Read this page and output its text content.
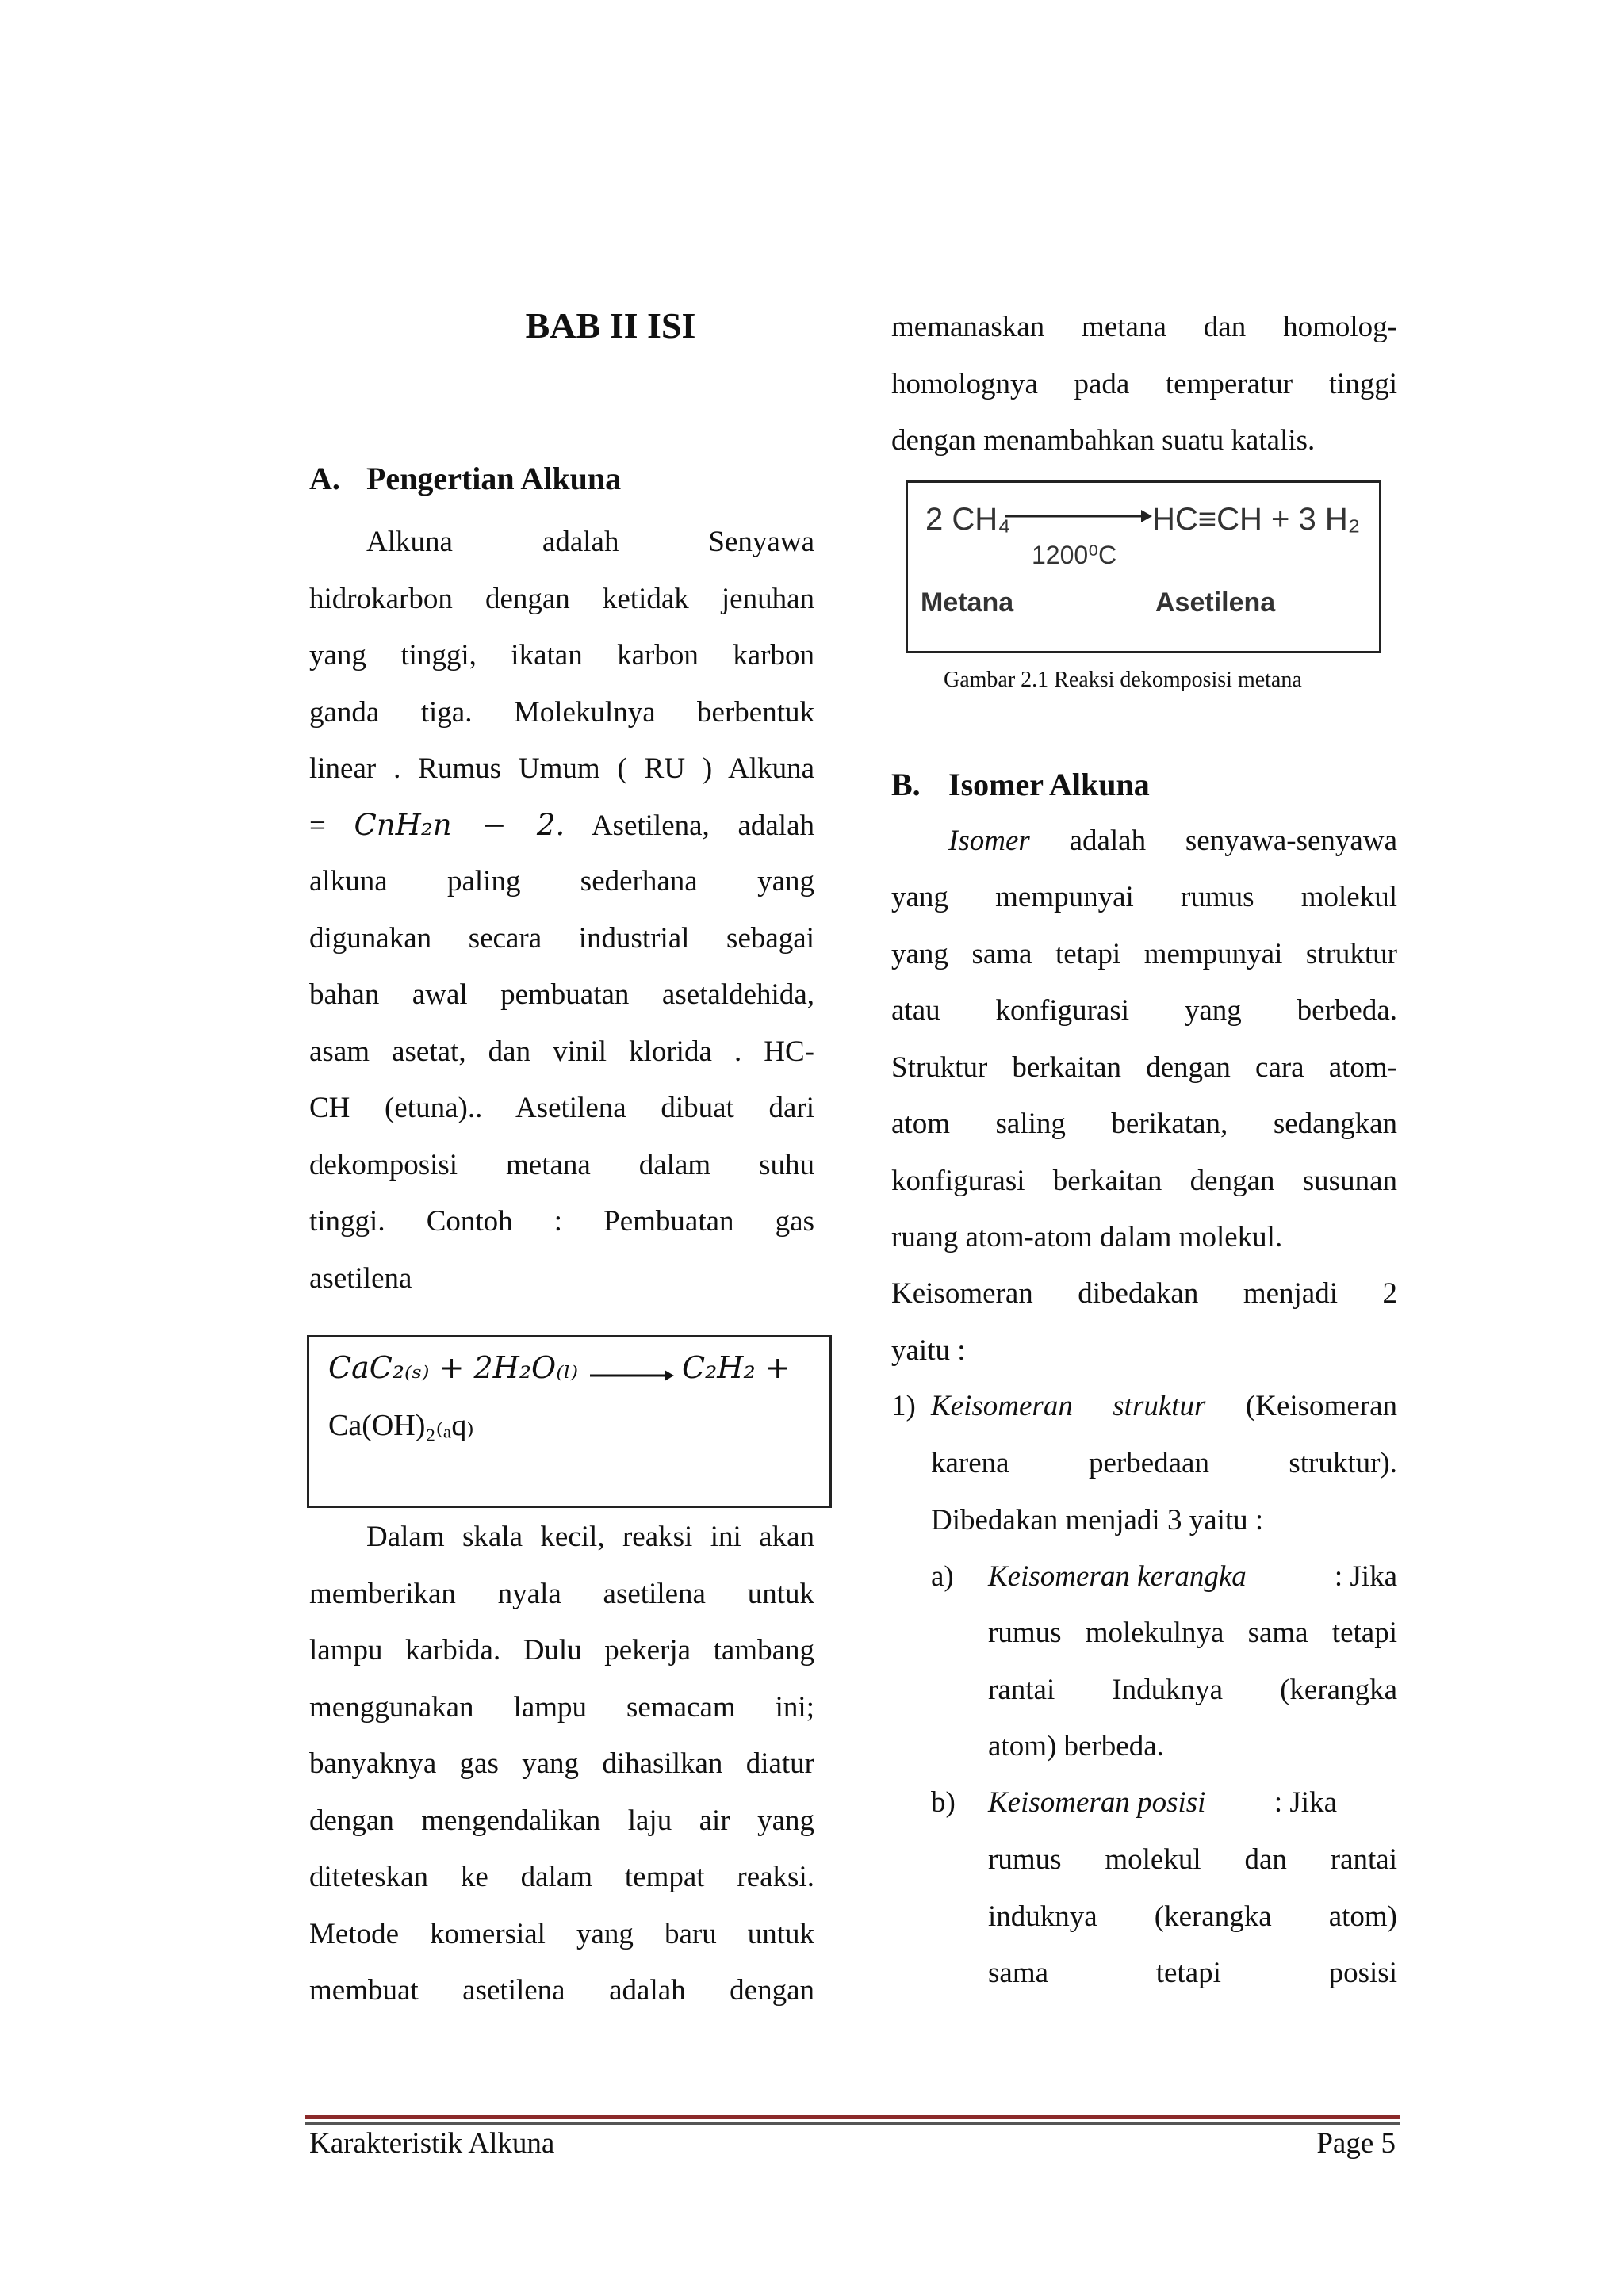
BAB II ISI
A. Pengertian Alkuna
Alkuna adalah Senyawa
hidrokarbon dengan ketidak jenuhan
yang tinggi, ikatan karbon karbon
ganda tiga. Molekulnya berbentuk
linear . Rumus Umum ( RU ) Alkuna
= CnH₂n − 2. Asetilena, adalah
alkuna paling sederhana yang
digunakan secara industrial sebagai
bahan awal pembuatan asetaldehida,
asam asetat, dan vinil klorida . HC-
CH (etuna).. Asetilena dibuat dari
dekomposisi metana dalam suhu
tinggi. Contoh : Pembuatan gas
asetilena
CaC₂₍ₛ₎ + 2H₂O₍ₗ₎	C₂H₂ +
Ca(OH)₂₍ₐq₎
Dalam skala kecil, reaksi ini akan
memberikan nyala asetilena untuk
lampu karbida. Dulu pekerja tambang
menggunakan lampu semacam ini;
banyaknya gas yang dihasilkan diatur
dengan mengendalikan laju air yang
diteteskan ke dalam tempat reaksi.
Metode komersial yang baru untuk
membuat asetilena adalah dengan
memanaskan metana dan homolog-
homolognya pada temperatur tinggi
dengan menambahkan suatu katalis.
2 CH₄
1200⁰C
HC≡CH + 3 H₂
Metana	Asetilena
Gambar 2.1 Reaksi dekomposisi metana
B. Isomer Alkuna
Isomer adalah senyawa-senyawa
yang mempunyai rumus molekul
yang sama tetapi mempunyai struktur
atau konfigurasi yang berbeda.
Struktur berkaitan dengan cara atom-
atom saling berikatan, sedangkan
konfigurasi berkaitan dengan susunan
ruang atom-atom dalam molekul.
Keisomeran dibedakan menjadi 2
yaitu :
1) Keisomeran struktur (Keisomeran
karena perbedaan struktur).
Dibedakan menjadi 3 yaitu :
a) Keisomeran kerangka	: Jika
rumus molekulnya sama tetapi
rantai Induknya (kerangka
atom) berbeda.
b) Keisomeran posisi : Jika
rumus molekul dan rantai
induknya (kerangka atom)
sama tetapi posisi
Karakteristik Alkuna	Page 5
